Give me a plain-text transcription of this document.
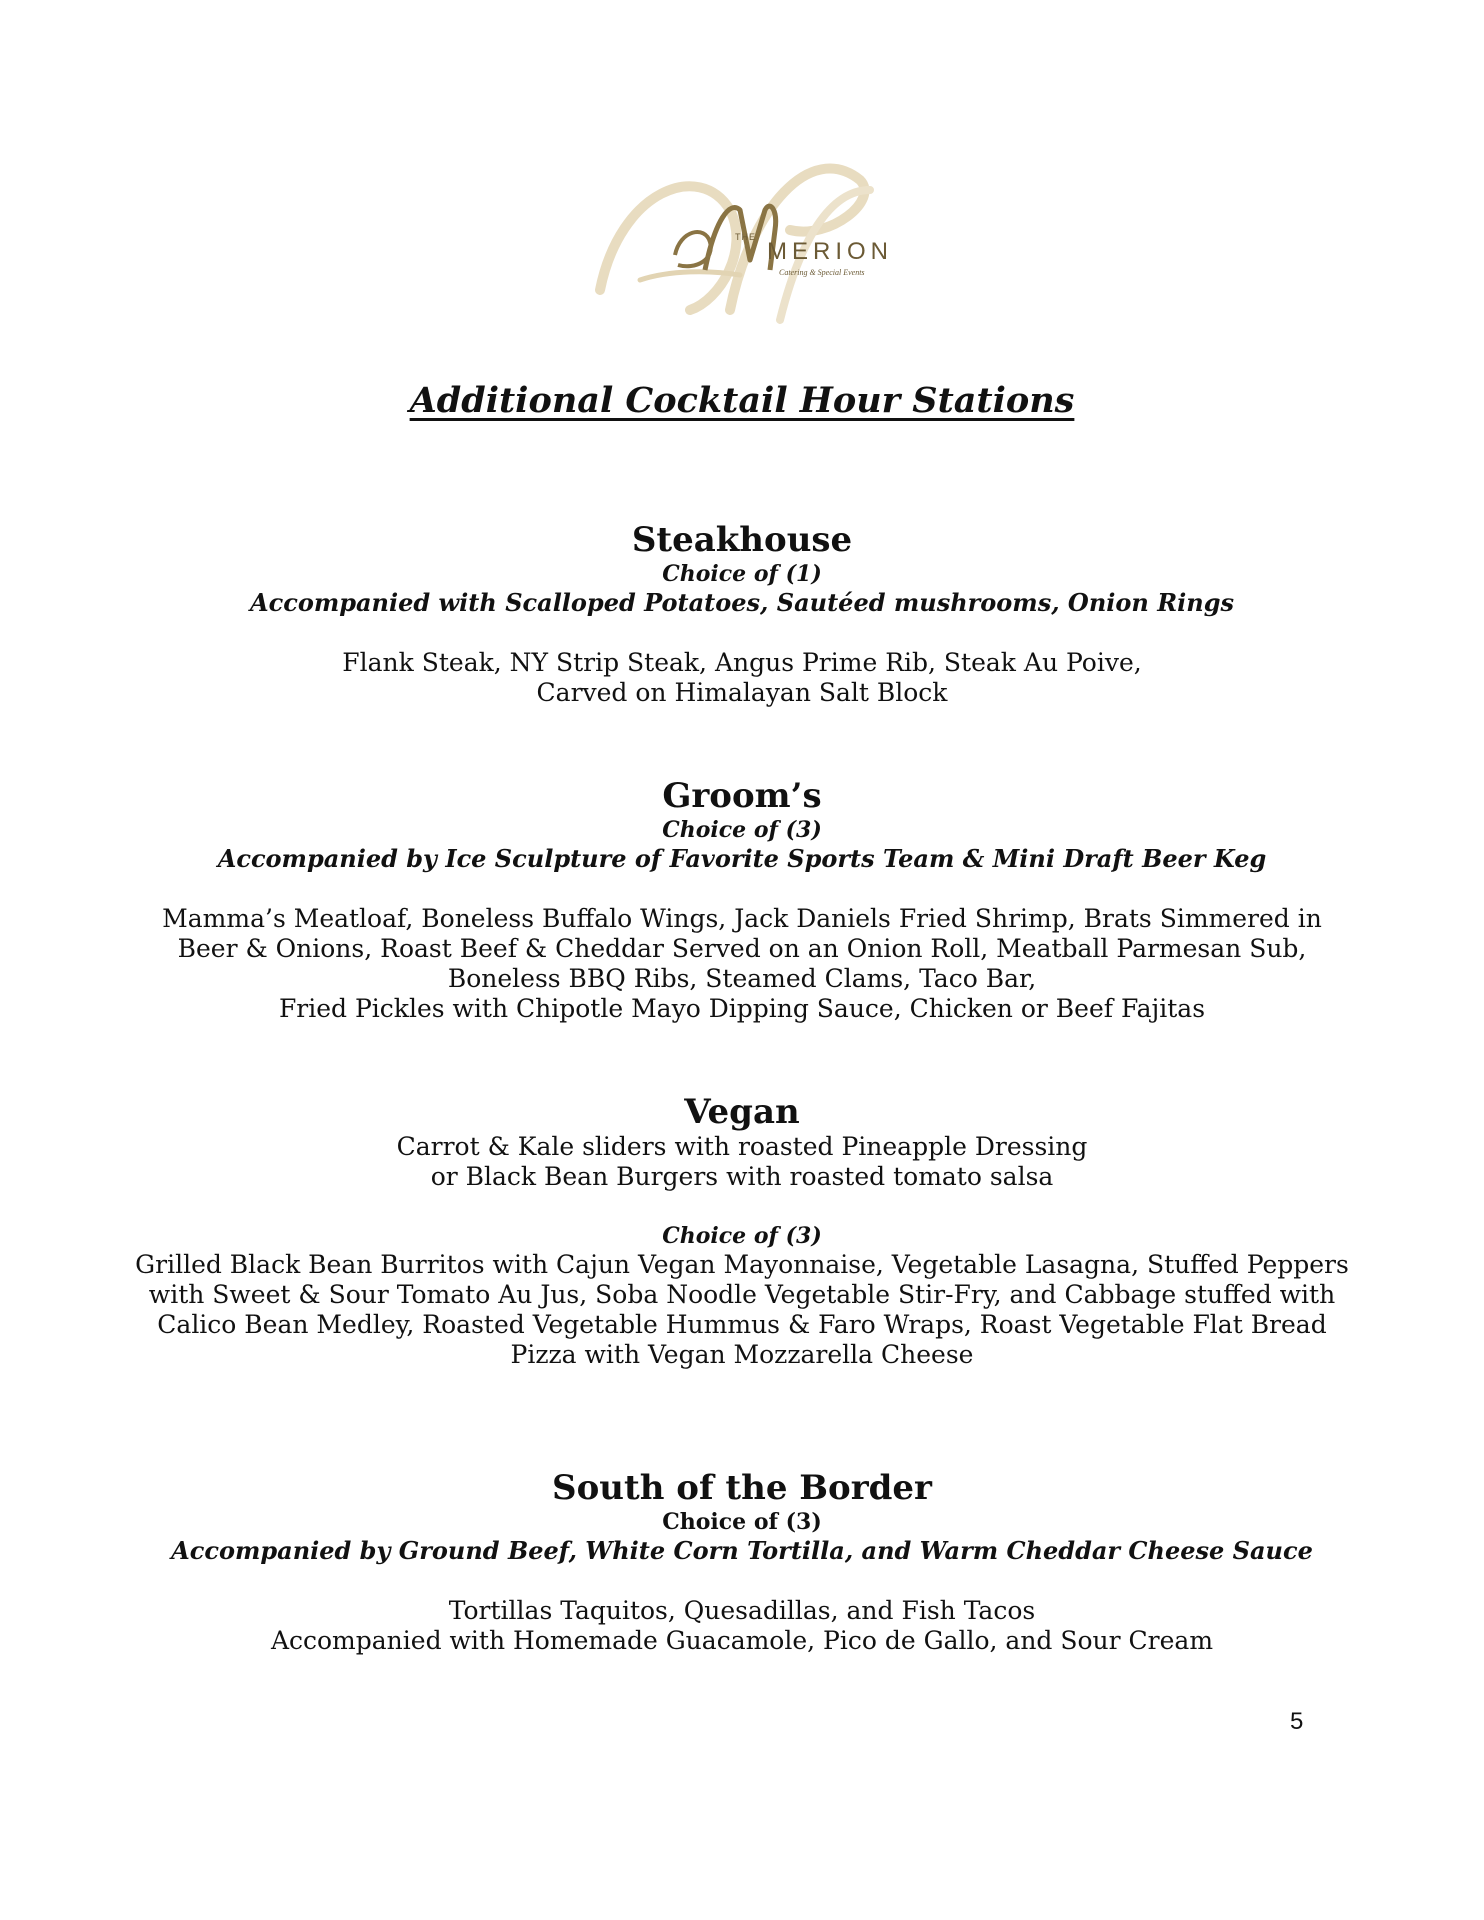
THE
MERION
Catering & Special Events
Additional Cocktail Hour Stations
Steakhouse
Choice of (1)
Accompanied with Scalloped Potatoes, Sautéed mushrooms, Onion Rings
Flank Steak, NY Strip Steak, Angus Prime Rib, Steak Au Poive,
Carved on Himalayan Salt Block
Groom’s
Choice of (3)
Accompanied by Ice Sculpture of Favorite Sports Team & Mini Draft Beer Keg
Mamma’s Meatloaf, Boneless Buffalo Wings, Jack Daniels Fried Shrimp, Brats Simmered in
Beer & Onions, Roast Beef & Cheddar Served on an Onion Roll, Meatball Parmesan Sub,
Boneless BBQ Ribs, Steamed Clams, Taco Bar,
Fried Pickles with Chipotle Mayo Dipping Sauce, Chicken or Beef Fajitas
Vegan
Carrot & Kale sliders with roasted Pineapple Dressing
or Black Bean Burgers with roasted tomato salsa
Choice of (3)
Grilled Black Bean Burritos with Cajun Vegan Mayonnaise, Vegetable Lasagna, Stuffed Peppers
with Sweet & Sour Tomato Au Jus, Soba Noodle Vegetable Stir-Fry, and Cabbage stuffed with
Calico Bean Medley, Roasted Vegetable Hummus & Faro Wraps, Roast Vegetable Flat Bread
Pizza with Vegan Mozzarella Cheese
South of the Border
Choice of (3)
Accompanied by Ground Beef, White Corn Tortilla, and Warm Cheddar Cheese Sauce
Tortillas Taquitos, Quesadillas, and Fish Tacos
Accompanied with Homemade Guacamole, Pico de Gallo, and Sour Cream
5
